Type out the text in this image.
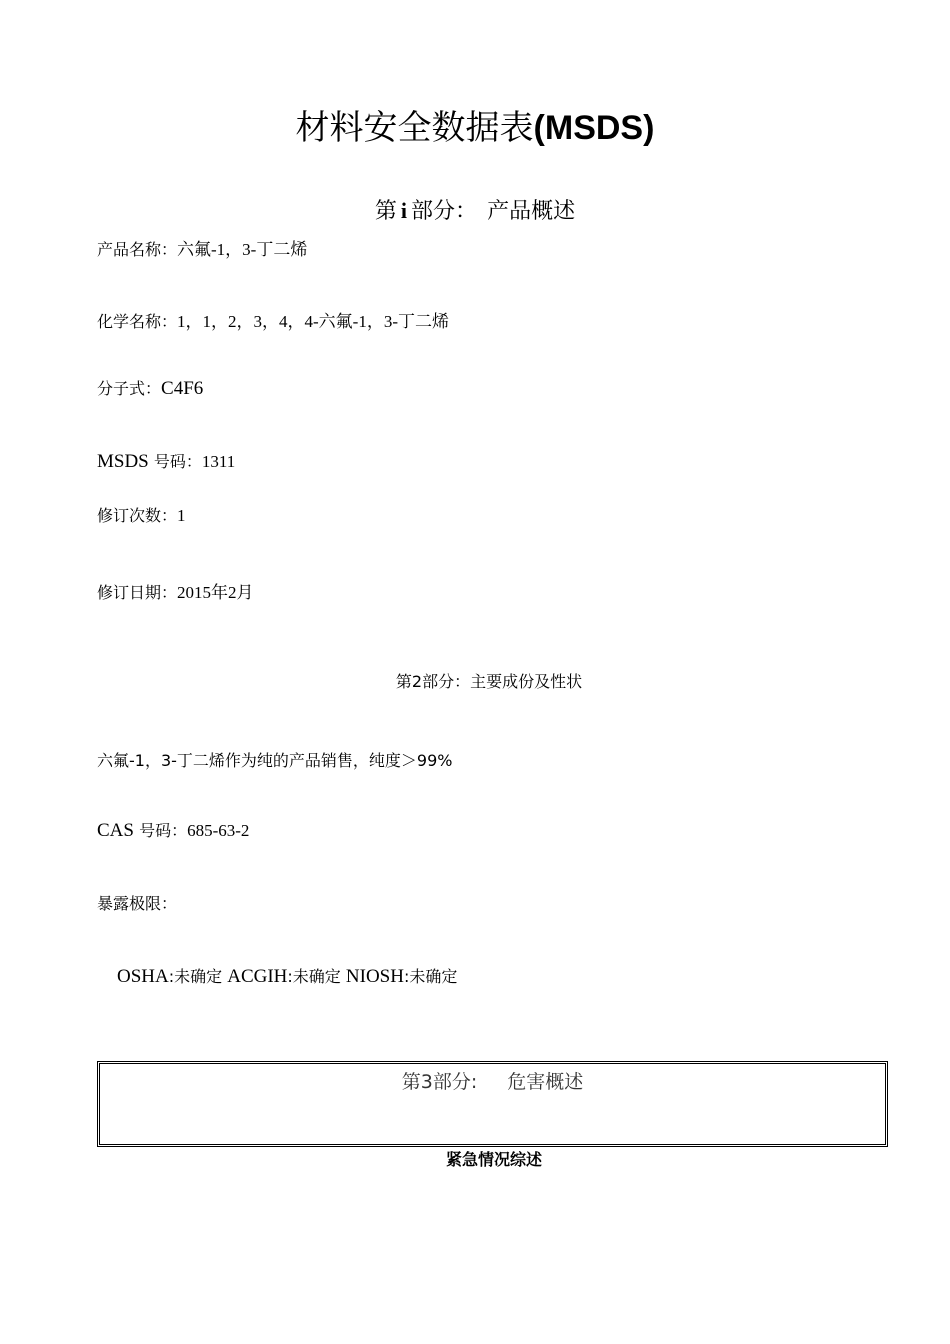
材料安全数据表(MSDS)
第 i 部分： 产品概述
产品名称：六氟-1，3-丁二烯
化学名称：1，1，2，3，4，4-六氟-1，3-丁二烯
分子式：C4F6
MSDS 号码：1311
修订次数：1
修订日期：2015年2月
第2部分：主要成份及性状
六氟-1，3-丁二烯作为纯的产品销售，纯度＞99%
CAS 号码：685-63-2
暴露极限：
OSHA:未确定 ACGIH:未确定 NIOSH:未确定
第3部分: 危害概述
紧急情况综述
